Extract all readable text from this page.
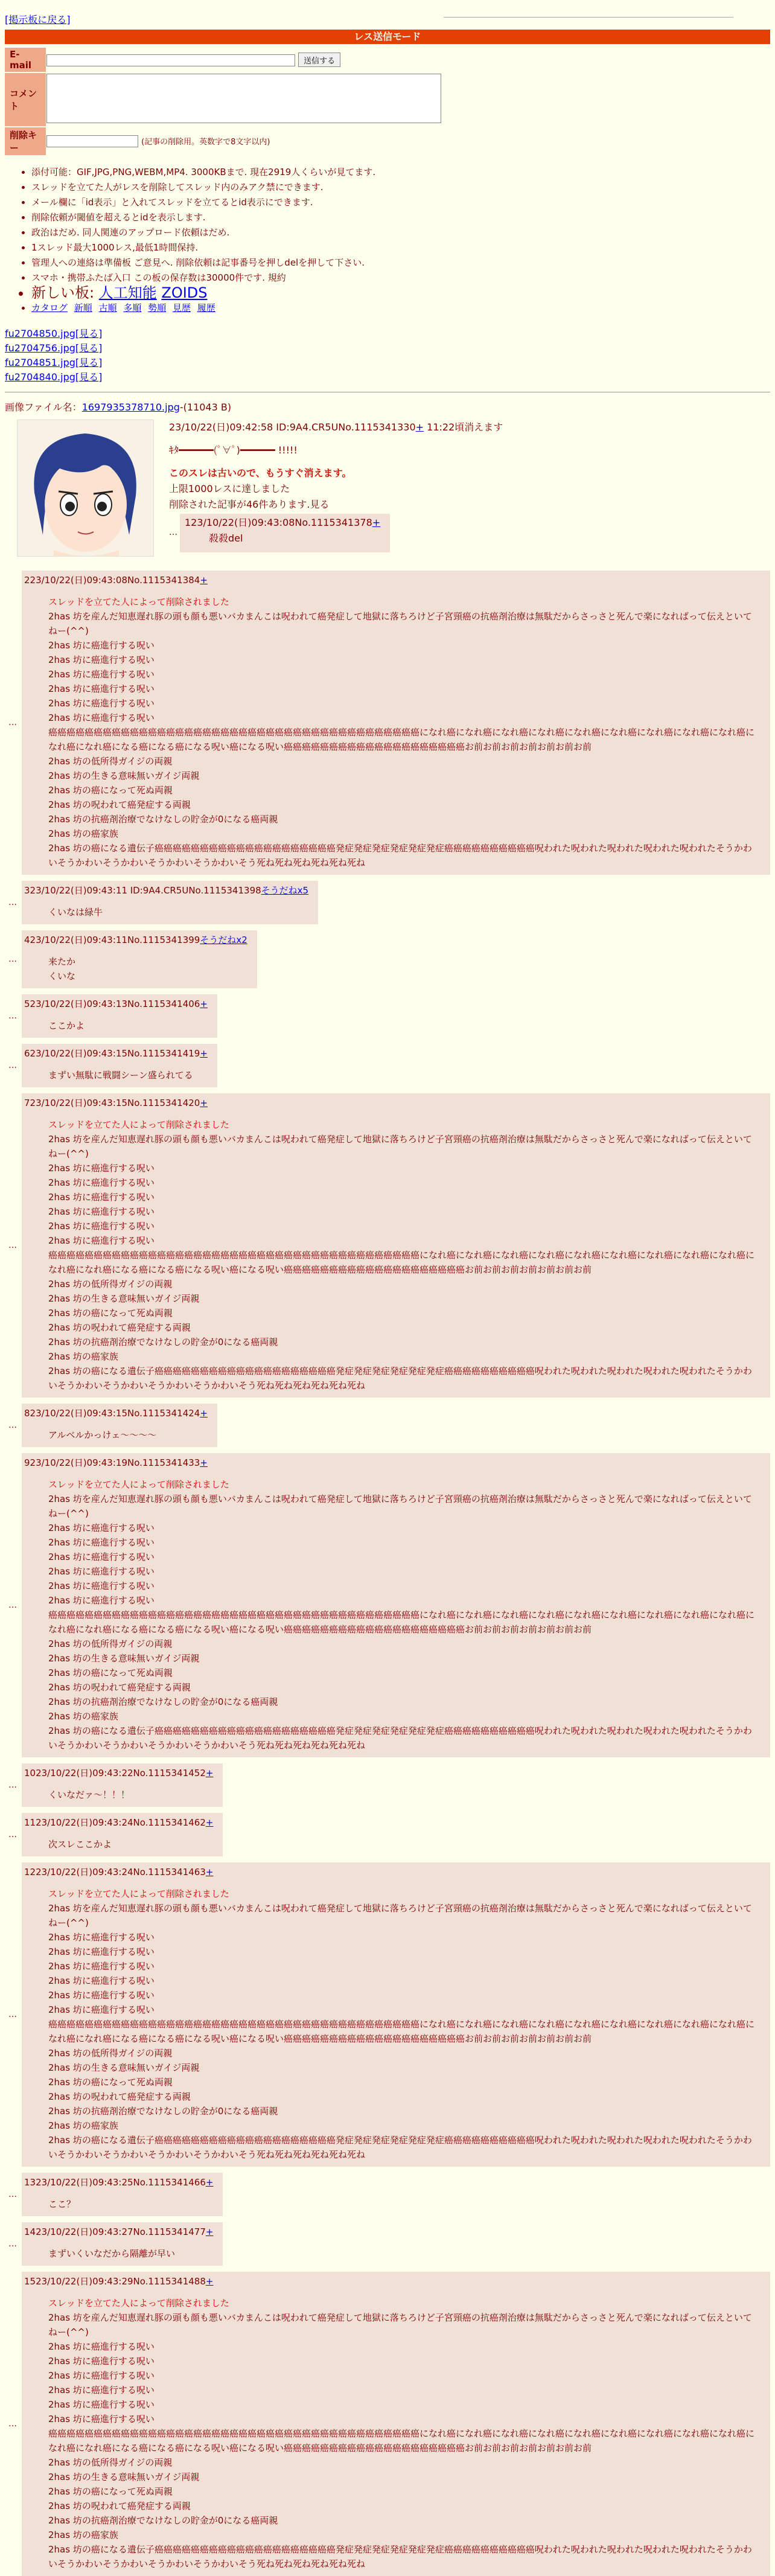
[掲示板に戻る]
レス送信モード
E-mail	送信する
コメント	
削除キー	(記事の削除用。英数字で8文字以内)
• 添付可能：GIF,JPG,PNG,WEBM,MP4. 3000KBまで. 現在2919人くらいが見てます.
• スレッドを立てた人がレスを削除してスレッド内のみアク禁にできます.
• メール欄に「id表示」と入れてスレッドを立てるとid表示にできます.
• 削除依頼が閾値を超えるとidを表示します.
• 政治はだめ. 同人関連のアップロード依頼はだめ.
• 1スレッド最大1000レス,最低1時間保持.
• 管理人への連絡は準備板 ご意見へ. 削除依頼は記事番号を押しdelを押して下さい.
• スマホ・携帯ふたば入口 この板の保存数は30000件です. 規約
• 新しい板: 人工知能 ZOIDS
• カタログ 新順 古順 多順 勢順 見歴 履歴
fu2704850.jpg[見る]
fu2704756.jpg[見る]
fu2704851.jpg[見る]
fu2704840.jpg[見る]
画像ファイル名：1697935378710.jpg-(11043 B)
23/10/22(日)09:42:58 ID:9A4.CR5UNo.1115341330+ 11:22頃消えます
ｷﾀ━━━━━━(ﾟ∀ﾟ)━━━━━━ !!!!!
このスレは古いので、もうすぐ消えます。
上限1000レスに達しました
削除された記事が46件あります.見る
…
123/10/22(日)09:43:08No.1115341378+
殺殺del
…
223/10/22(日)09:43:08No.1115341384+
スレッドを立てた人によって削除されました
2has 坊を産んだ知恵遅れ豚の頭も顔も悪いバカまんこは呪われて癌発症して地獄に落ちろけど子宮頸癌の抗癌剤治療は無駄だからさっさと死んで楽になればって伝えといてねー(^^)
2has 坊に癌進行する呪い
2has 坊に癌進行する呪い
2has 坊に癌進行する呪い
2has 坊に癌進行する呪い
2has 坊に癌進行する呪い
2has 坊に癌進行する呪い
癌癌癌癌癌癌癌癌癌癌癌癌癌癌癌癌癌癌癌癌癌癌癌癌癌癌癌癌癌癌癌癌癌癌癌癌癌癌癌癌癌になれ癌になれ癌になれ癌になれ癌になれ癌になれ癌になれ癌になれ癌になれ癌になれ癌になれ癌になる癌になる癌になる呪い癌になる呪い癌癌癌癌癌癌癌癌癌癌癌癌癌癌癌癌癌癌癌癌お前お前お前お前お前お前お前
2has 坊の低所得ガイジの両親
2has 坊の生きる意味無いガイジ両親
2has 坊の癌になって死ぬ両親
2has 坊の呪われて癌発症する両親
2has 坊の抗癌剤治療でなけなしの貯金が0になる癌両親
2has 坊の癌家族
2has 坊の癌になる遺伝子癌癌癌癌癌癌癌癌癌癌癌癌癌癌癌癌癌癌癌癌発症発症発症発症発症発症癌癌癌癌癌癌癌癌癌癌呪われた呪われた呪われた呪われた呪われたそうかわいそうかわいそうかわいそうかわいそうかわいそう死ね死ね死ね死ね死ね死ね
…
323/10/22(日)09:43:11 ID:9A4.CR5UNo.1115341398そうだねx5
くいなは緑牛
…
423/10/22(日)09:43:11No.1115341399そうだねx2
来たか
くいな
…
523/10/22(日)09:43:13No.1115341406+
ここかよ
…
623/10/22(日)09:43:15No.1115341419+
まずい無駄に戦闘シーン盛られてる
…
723/10/22(日)09:43:15No.1115341420+
スレッドを立てた人によって削除されました
2has 坊を産んだ知恵遅れ豚の頭も顔も悪いバカまんこは呪われて癌発症して地獄に落ちろけど子宮頸癌の抗癌剤治療は無駄だからさっさと死んで楽になればって伝えといてねー(^^)
2has 坊に癌進行する呪い
2has 坊に癌進行する呪い
2has 坊に癌進行する呪い
2has 坊に癌進行する呪い
2has 坊に癌進行する呪い
2has 坊に癌進行する呪い
癌癌癌癌癌癌癌癌癌癌癌癌癌癌癌癌癌癌癌癌癌癌癌癌癌癌癌癌癌癌癌癌癌癌癌癌癌癌癌癌癌になれ癌になれ癌になれ癌になれ癌になれ癌になれ癌になれ癌になれ癌になれ癌になれ癌になれ癌になる癌になる癌になる呪い癌になる呪い癌癌癌癌癌癌癌癌癌癌癌癌癌癌癌癌癌癌癌癌お前お前お前お前お前お前お前
2has 坊の低所得ガイジの両親
2has 坊の生きる意味無いガイジ両親
2has 坊の癌になって死ぬ両親
2has 坊の呪われて癌発症する両親
2has 坊の抗癌剤治療でなけなしの貯金が0になる癌両親
2has 坊の癌家族
2has 坊の癌になる遺伝子癌癌癌癌癌癌癌癌癌癌癌癌癌癌癌癌癌癌癌癌発症発症発症発症発症発症癌癌癌癌癌癌癌癌癌癌呪われた呪われた呪われた呪われた呪われたそうかわいそうかわいそうかわいそうかわいそうかわいそう死ね死ね死ね死ね死ね死ね
…
823/10/22(日)09:43:15No.1115341424+
アルベルかっけェ〜〜〜〜
…
923/10/22(日)09:43:19No.1115341433+
スレッドを立てた人によって削除されました
2has 坊を産んだ知恵遅れ豚の頭も顔も悪いバカまんこは呪われて癌発症して地獄に落ちろけど子宮頸癌の抗癌剤治療は無駄だからさっさと死んで楽になればって伝えといてねー(^^)
2has 坊に癌進行する呪い
2has 坊に癌進行する呪い
2has 坊に癌進行する呪い
2has 坊に癌進行する呪い
2has 坊に癌進行する呪い
2has 坊に癌進行する呪い
癌癌癌癌癌癌癌癌癌癌癌癌癌癌癌癌癌癌癌癌癌癌癌癌癌癌癌癌癌癌癌癌癌癌癌癌癌癌癌癌癌になれ癌になれ癌になれ癌になれ癌になれ癌になれ癌になれ癌になれ癌になれ癌になれ癌になれ癌になる癌になる癌になる呪い癌になる呪い癌癌癌癌癌癌癌癌癌癌癌癌癌癌癌癌癌癌癌癌お前お前お前お前お前お前お前
2has 坊の低所得ガイジの両親
2has 坊の生きる意味無いガイジ両親
2has 坊の癌になって死ぬ両親
2has 坊の呪われて癌発症する両親
2has 坊の抗癌剤治療でなけなしの貯金が0になる癌両親
2has 坊の癌家族
2has 坊の癌になる遺伝子癌癌癌癌癌癌癌癌癌癌癌癌癌癌癌癌癌癌癌癌発症発症発症発症発症発症癌癌癌癌癌癌癌癌癌癌呪われた呪われた呪われた呪われた呪われたそうかわいそうかわいそうかわいそうかわいそうかわいそう死ね死ね死ね死ね死ね死ね
…
1023/10/22(日)09:43:22No.1115341452+
くいなだァ〜！！！
…
1123/10/22(日)09:43:24No.1115341462+
次スレここかよ
…
1223/10/22(日)09:43:24No.1115341463+
スレッドを立てた人によって削除されました
2has 坊を産んだ知恵遅れ豚の頭も顔も悪いバカまんこは呪われて癌発症して地獄に落ちろけど子宮頸癌の抗癌剤治療は無駄だからさっさと死んで楽になればって伝えといてねー(^^)
2has 坊に癌進行する呪い
2has 坊に癌進行する呪い
2has 坊に癌進行する呪い
2has 坊に癌進行する呪い
2has 坊に癌進行する呪い
2has 坊に癌進行する呪い
癌癌癌癌癌癌癌癌癌癌癌癌癌癌癌癌癌癌癌癌癌癌癌癌癌癌癌癌癌癌癌癌癌癌癌癌癌癌癌癌癌になれ癌になれ癌になれ癌になれ癌になれ癌になれ癌になれ癌になれ癌になれ癌になれ癌になれ癌になる癌になる癌になる呪い癌になる呪い癌癌癌癌癌癌癌癌癌癌癌癌癌癌癌癌癌癌癌癌お前お前お前お前お前お前お前
2has 坊の低所得ガイジの両親
2has 坊の生きる意味無いガイジ両親
2has 坊の癌になって死ぬ両親
2has 坊の呪われて癌発症する両親
2has 坊の抗癌剤治療でなけなしの貯金が0になる癌両親
2has 坊の癌家族
2has 坊の癌になる遺伝子癌癌癌癌癌癌癌癌癌癌癌癌癌癌癌癌癌癌癌癌発症発症発症発症発症発症癌癌癌癌癌癌癌癌癌癌呪われた呪われた呪われた呪われた呪われたそうかわいそうかわいそうかわいそうかわいそうかわいそう死ね死ね死ね死ね死ね死ね
…
1323/10/22(日)09:43:25No.1115341466+
ここ？
…
1423/10/22(日)09:43:27No.1115341477+
まずいくいなだから隔離が早い
…
1523/10/22(日)09:43:29No.1115341488+
スレッドを立てた人によって削除されました
2has 坊を産んだ知恵遅れ豚の頭も顔も悪いバカまんこは呪われて癌発症して地獄に落ちろけど子宮頸癌の抗癌剤治療は無駄だからさっさと死んで楽になればって伝えといてねー(^^)
2has 坊に癌進行する呪い
2has 坊に癌進行する呪い
2has 坊に癌進行する呪い
2has 坊に癌進行する呪い
2has 坊に癌進行する呪い
2has 坊に癌進行する呪い
癌癌癌癌癌癌癌癌癌癌癌癌癌癌癌癌癌癌癌癌癌癌癌癌癌癌癌癌癌癌癌癌癌癌癌癌癌癌癌癌癌になれ癌になれ癌になれ癌になれ癌になれ癌になれ癌になれ癌になれ癌になれ癌になれ癌になれ癌になる癌になる癌になる呪い癌になる呪い癌癌癌癌癌癌癌癌癌癌癌癌癌癌癌癌癌癌癌癌お前お前お前お前お前お前お前
2has 坊の低所得ガイジの両親
2has 坊の生きる意味無いガイジ両親
2has 坊の癌になって死ぬ両親
2has 坊の呪われて癌発症する両親
2has 坊の抗癌剤治療でなけなしの貯金が0になる癌両親
2has 坊の癌家族
2has 坊の癌になる遺伝子癌癌癌癌癌癌癌癌癌癌癌癌癌癌癌癌癌癌癌癌発症発症発症発症発症発症癌癌癌癌癌癌癌癌癌癌呪われた呪われた呪われた呪われた呪われたそうかわいそうかわいそうかわいそうかわいそうかわいそう死ね死ね死ね死ね死ね死ね
